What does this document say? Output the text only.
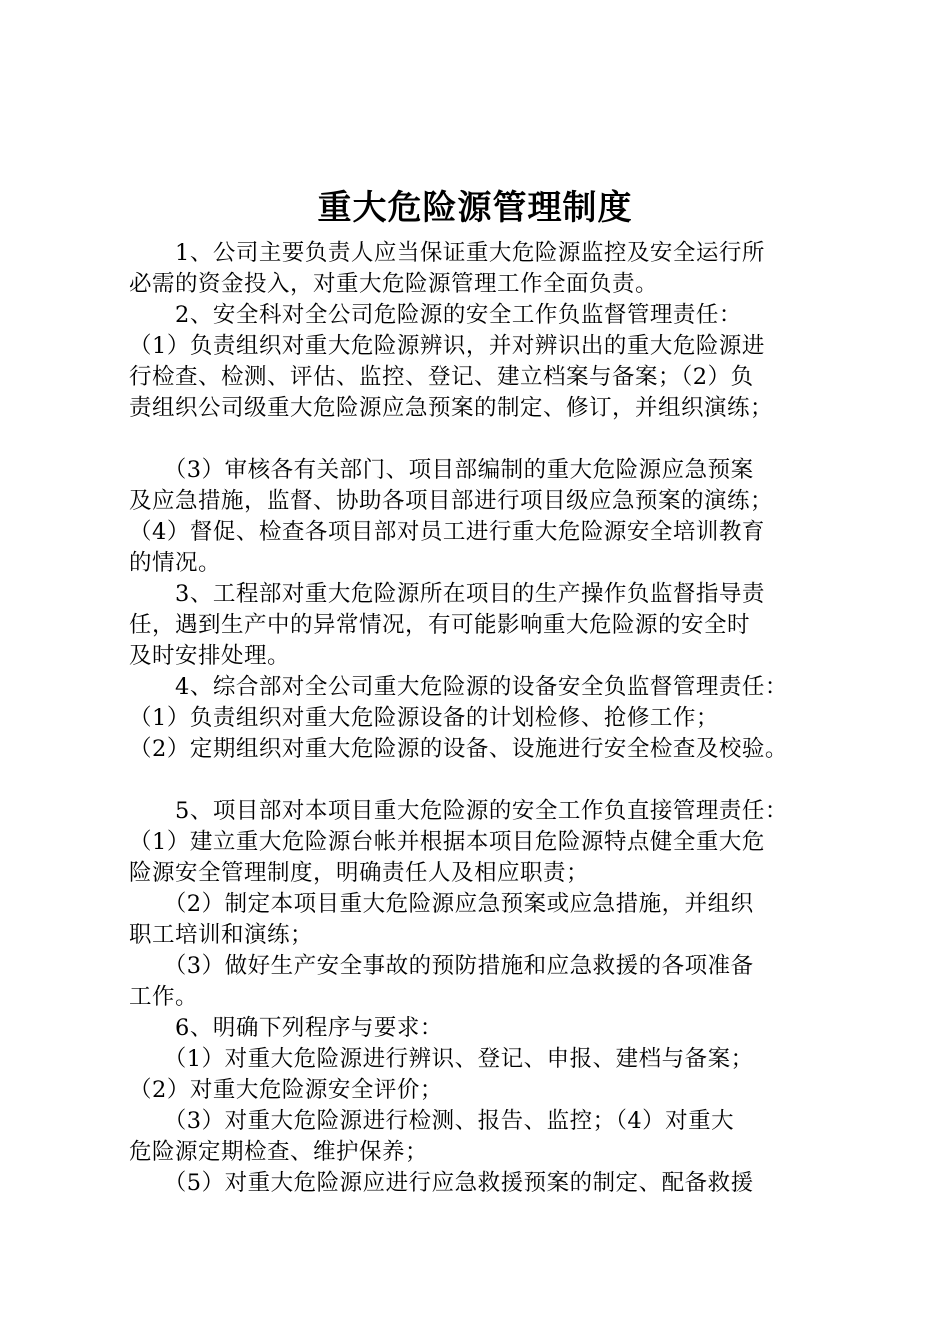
重大危险源管理制度

　　1、公司主要负责人应当保证重大危险源监控及安全运行所

必需的资金投入，对重大危险源管理工作全面负责。

　　2、安全科对全公司危险源的安全工作负监督管理责任：

（1）负责组织对重大危险源辨识，并对辨识出的重大危险源进

行检查、检测、评估、监控、登记、建立档案与备案；（2）负

责组织公司级重大危险源应急预案的制定、修订，并组织演练；

　　（3）审核各有关部门、项目部编制的重大危险源应急预案

及应急措施，监督、协助各项目部进行项目级应急预案的演练；

（4）督促、检查各项目部对员工进行重大危险源安全培训教育

的情况。

　　3、工程部对重大危险源所在项目的生产操作负监督指导责

任，遇到生产中的异常情况，有可能影响重大危险源的安全时

及时安排处理。

　　4、综合部对全公司重大危险源的设备安全负监督管理责任：

（1）负责组织对重大危险源设备的计划检修、抢修工作；

（2）定期组织对重大危险源的设备、设施进行安全检查及校验。

　　5、项目部对本项目重大危险源的安全工作负直接管理责任：

（1）建立重大危险源台帐并根据本项目危险源特点健全重大危

险源安全管理制度，明确责任人及相应职责；

　　（2）制定本项目重大危险源应急预案或应急措施，并组织

职工培训和演练；

　　（3）做好生产安全事故的预防措施和应急救援的各项准备

工作。

　　6、明确下列程序与要求：

　　（1）对重大危险源进行辨识、登记、申报、建档与备案；

（2）对重大危险源安全评价；

　　（3）对重大危险源进行检测、报告、监控；（4）对重大

危险源定期检查、维护保养；

　　（5）对重大危险源应进行应急救援预案的制定、配备救援
